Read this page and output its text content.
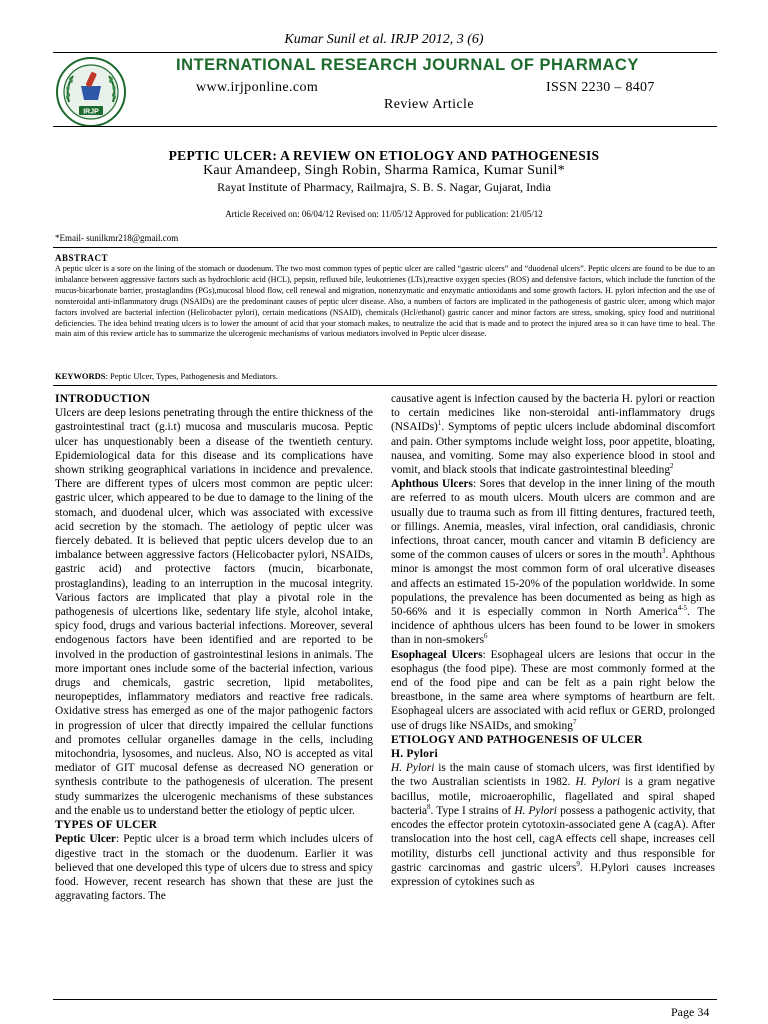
Kumar Sunil et al. IRJP 2012, 3 (6)
IRJP
INTERNATIONAL RESEARCH JOURNAL OF PHARMACY
www.irjponline.com	ISSN 2230 – 8407
Review Article
PEPTIC ULCER: A REVIEW ON ETIOLOGY AND PATHOGENESIS
Kaur Amandeep, Singh Robin, Sharma Ramica, Kumar Sunil*
Rayat Institute of Pharmacy, Railmajra, S. B. S. Nagar, Gujarat, India
Article Received on: 06/04/12 Revised on: 11/05/12 Approved for publication: 21/05/12
*Email- sunilkmr218@gmail.com
ABSTRACT
A peptic ulcer is a sore on the lining of the stomach or duodenum. The two most common types of peptic ulcer are called “gastric ulcers” and “duodenal ulcers”. Peptic ulcers are found to be due to an imbalance between aggressive factors such as hydrochloric acid (HCL), pepsin, refluxed bile, leukotrienes (LTs),reactive oxygen species (ROS) and defensive factors, which include the function of the mucus-bicarbonate barrier, prostaglandins (PGs),mucosal blood flow, cell renewal and migration, nonenzymatic and enzymatic antioxidants and some growth factors. H. pylori infection and the use of nonsteroidal anti-inflammatory drugs (NSAIDs) are the predominant causes of peptic ulcer disease. Also, a numbers of factors are implicated in the pathogenesis of gastric ulcer, among which major factors involved are bacterial infection (Helicobacter pylori), certain medications (NSAID), chemicals (Hcl/ethanol) gastric cancer and minor factors are stress, smoking, spicy food and nutritional deficiencies. The idea behind treating ulcers is to lower the amount of acid that your stomach makes, to neutralize the acid that is made and to protect the injured area so it can have time to heal. The main aim of this review article has to summarize the ulcerogenic mechanisms of various mediators involved in Peptic ulcer disease.
KEYWORDS: Peptic Ulcer, Types, Pathogenesis and Mediators.
INTRODUCTION

Ulcers are deep lesions penetrating through the entire thickness of the gastrointestinal tract (g.i.t) mucosa and muscularis mucosa. Peptic ulcer has unquestionably been a disease of the twentieth century. Epidemiological data for this disease and its complications have shown striking geographical variations in incidence and prevalence. There are different types of ulcers most common are peptic ulcer: gastric ulcer, which appeared to be due to damage to the lining of the stomach, and duodenal ulcer, which was associated with excessive acid secretion by the stomach. The aetiology of peptic ulcer was fiercely debated. It is believed that peptic ulcers develop due to an imbalance between aggressive factors (Helicobacter pylori, NSAIDs, gastric acid) and protective factors (mucin, bicarbonate, prostaglandins), leading to an interruption in the mucosal integrity. Various factors are implicated that play a pivotal role in the pathogenesis of ulcertions like, sedentary life style, alcohol intake, spicy food, drugs and various bacterial infections. Moreover, several endogenous factors have been identified and are reported to be involved in the production of gastrointestinal lesions in animals. The more important ones include some of the bacterial infection, various drugs and chemicals, gastric secretion, lipid metabolites, neuropeptides, inflammatory mediators and reactive free radicals. Oxidative stress has emerged as one of the major pathogenic factors in progression of ulcer that directly impaired the cellular functions and promotes cellular organelles damage in the cells, including mitochondria, lysosomes, and nucleus. Also, NO is accepted as vital mediator of GIT mucosal defense as decreased NO generation or synthesis contribute to the pathogenesis of ulceration. The present study summarizes the ulcerogenic mechanisms of these substances and the enable us to understand better the etiology of peptic ulcer.

TYPES OF ULCER

Peptic Ulcer: Peptic ulcer is a broad term which includes ulcers of digestive tract in the stomach or the duodenum. Earlier it was believed that one developed this type of ulcers due to stress and spicy food. However, recent research has shown that these are just the aggravating factors. The

causative agent is infection caused by the bacteria H. pylori or reaction to certain medicines like non-steroidal anti-inflammatory drugs (NSAIDs)$^1$. Symptoms of peptic ulcers include abdominal discomfort and pain. Other symptoms include weight loss, poor appetite, bloating, nausea, and vomiting. Some may also experience blood in stool and vomit, and black stools that indicate gastrointestinal bleeding$^2$

Aphthous Ulcers: Sores that develop in the inner lining of the mouth are referred to as mouth ulcers. Mouth ulcers are common and are usually due to trauma such as from ill fitting dentures, fractured teeth, or fillings. Anemia, measles, viral infection, oral candidiasis, chronic infections, throat cancer, mouth cancer and vitamin B deficiency are some of the common causes of ulcers or sores in the mouth$^3$. Aphthous minor is amongst the most common form of oral ulcerative diseases and affects an estimated 15-20% of the population worldwide. In some populations, the prevalence has been documented as being as high as 50-66% and it is especially common in North America$^{4-5}$. The incidence of aphthous ulcers has been found to be lower in smokers than in non-smokers$^6$

Esophageal Ulcers: Esophageal ulcers are lesions that occur in the esophagus (the food pipe). These are most commonly formed at the end of the food pipe and can be felt as a pain right below the breastbone, in the same area where symptoms of heartburn are felt. Esophageal ulcers are associated with acid reflux or GERD, prolonged use of drugs like NSAIDs, and smoking$^7$

ETIOLOGY AND PATHOGENESIS OF ULCER
H. Pylori

H. Pylori is the main cause of stomach ulcers, was first identified by the two Australian scientists in 1982. H. Pylori is a gram negative bacillus, motile, microaerophilic, flagellated and spiral shaped bacteria$^8$. Type I strains of H. Pylori possess a pathogenic activity, that encodes the effector protein cytotoxin-associated gene A (cagA). After translocation into the host cell, cagA effects cell shape, increases cell motility, disturbs cell junctional activity and thus responsible for gastric carcinomas and gastric ulcers$^9$. H.Pylori causes increases expression of cytokines such as

Page 34
